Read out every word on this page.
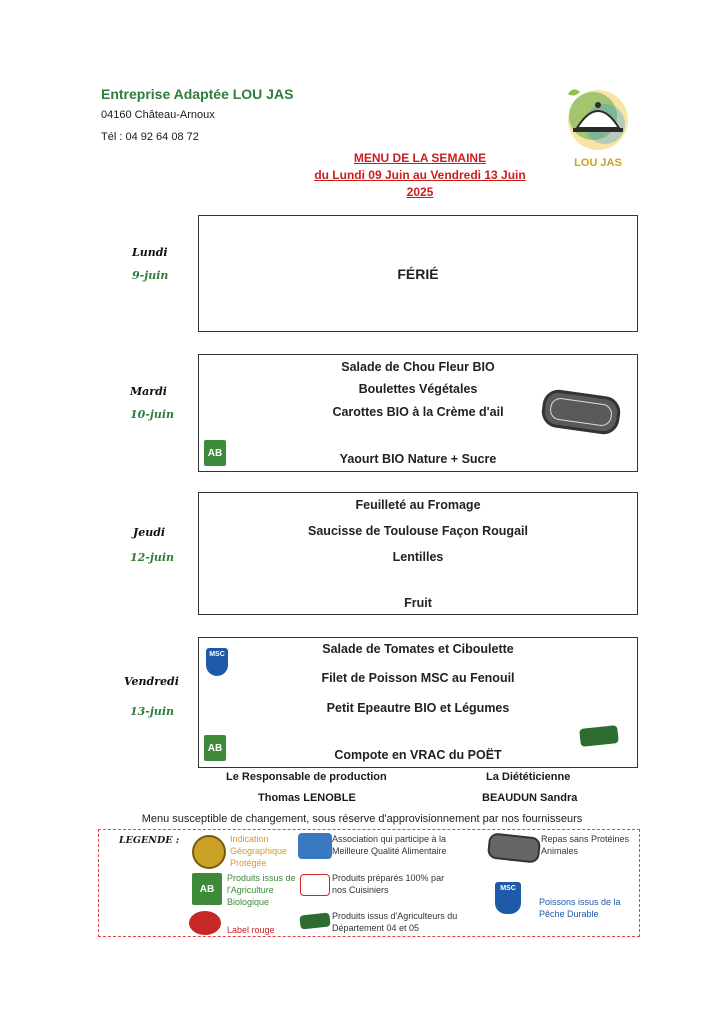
Entreprise Adaptée LOU JAS
04160 Château-Arnoux
Tél : 04 92 64 08 72
LOU JAS
MENU DE LA SEMAINE
du Lundi 09 Juin au Vendredi 13 Juin 2025
Lundi
9-juin	FÉRIÉ
Mardi
10-juin
Salade de Chou Fleur BIO
Boulettes Végétales
Carottes BIO à la Crème d'ail
Yaourt BIO Nature + Sucre
AB
Jeudi
12-juin
Feuilleté au Fromage
Saucisse de Toulouse Façon Rougail
Lentilles
Fruit
Vendredi
13-juin
Salade de Tomates et Ciboulette
Filet de Poisson MSC au Fenouil
Petit Epeautre BIO et Légumes
Compote en VRAC du POËT
MSC
AB
Le Responsable de production
Thomas LENOBLE
La Diététicienne
BEAUDUN Sandra
Menu susceptible de changement, sous réserve d'approvisionnement par nos fournisseurs
LEGENDE :	Indication Géographique Protégée
Association qui participe à la Meilleure Qualité Alimentaire
Repas sans Protéines Animales
AB
Produits issus de l'Agriculture Biologique
Produits préparés 100% par nos Cuisiniers	MSC
Poissons issus de la Pêche Durable
Label rouge
Produits issus d'Agriculteurs du Département 04 et 05
